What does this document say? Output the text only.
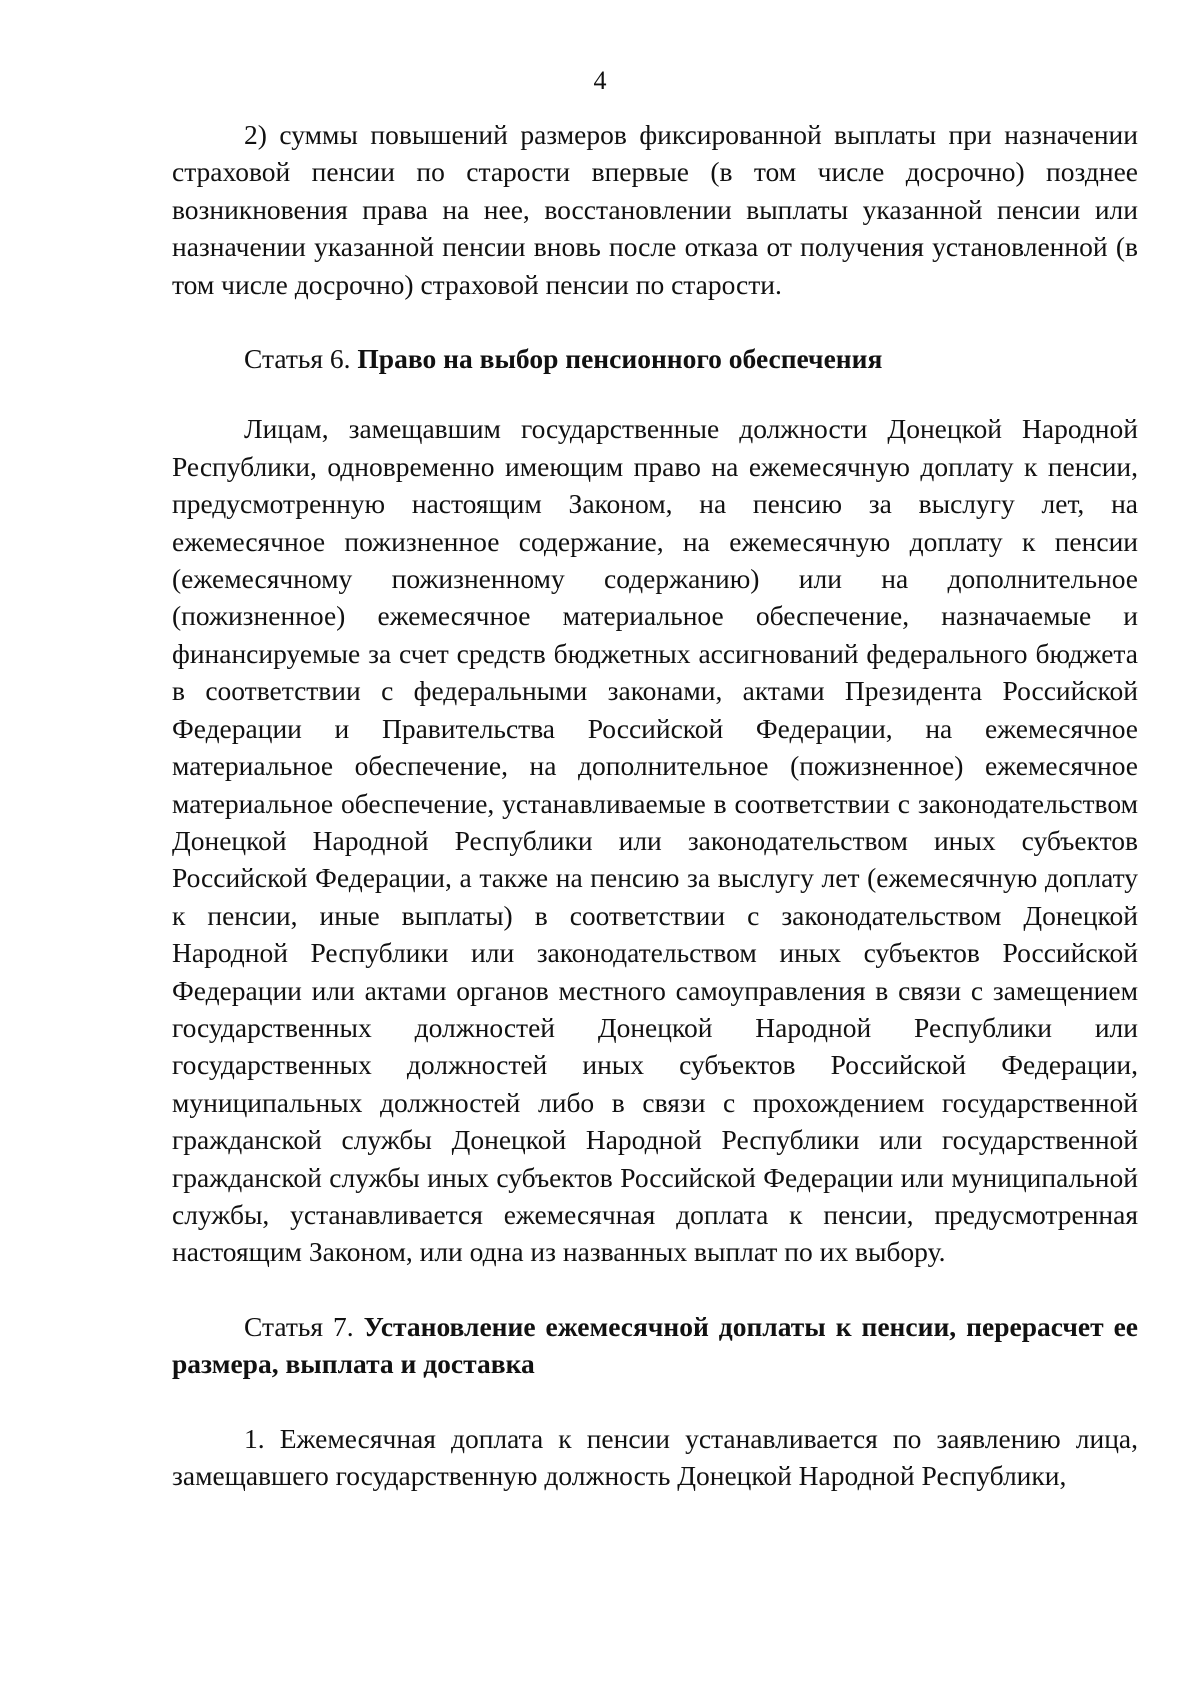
4

2) суммы повышений размеров фиксированной выплаты при назначении страховой пенсии по старости впервые (в том числе досрочно) позднее возникновения права на нее, восстановлении выплаты указанной пенсии или назначении указанной пенсии вновь после отказа от получения установленной (в том числе досрочно) страховой пенсии по старости.

Статья 6. Право на выбор пенсионного обеспечения

Лицам, замещавшим государственные должности Донецкой Народной Республики, одновременно имеющим право на ежемесячную доплату к пенсии, предусмотренную настоящим Законом, на пенсию за выслугу лет, на ежемесячное пожизненное содержание, на ежемесячную доплату к пенсии (ежемесячному пожизненному содержанию) или на дополнительное (пожизненное) ежемесячное материальное обеспечение, назначаемые и финансируемые за счет средств бюджетных ассигнований федерального бюджета в соответствии с федеральными законами, актами Президента Российской Федерации и Правительства Российской Федерации, на ежемесячное материальное обеспечение, на дополнительное (пожизненное) ежемесячное материальное обеспечение, устанавливаемые в соответствии с законодательством Донецкой Народной Республики или законодательством иных субъектов Российской Федерации, а также на пенсию за выслугу лет (ежемесячную доплату к пенсии, иные выплаты) в соответствии с законодательством Донецкой Народной Республики или законодательством иных субъектов Российской Федерации или актами органов местного самоуправления в связи с замещением государственных должностей Донецкой Народной Республики или государственных должностей иных субъектов Российской Федерации, муниципальных должностей либо в связи с прохождением государственной гражданской службы Донецкой Народной Республики или государственной гражданской службы иных субъектов Российской Федерации или муниципальной службы, устанавливается ежемесячная доплата к пенсии, предусмотренная настоящим Законом, или одна из названных выплат по их выбору.

Статья 7. Установление ежемесячной доплаты к пенсии, перерасчет ее размера, выплата и доставка

1. Ежемесячная доплата к пенсии устанавливается по заявлению лица, замещавшего государственную должность Донецкой Народной Республики,
